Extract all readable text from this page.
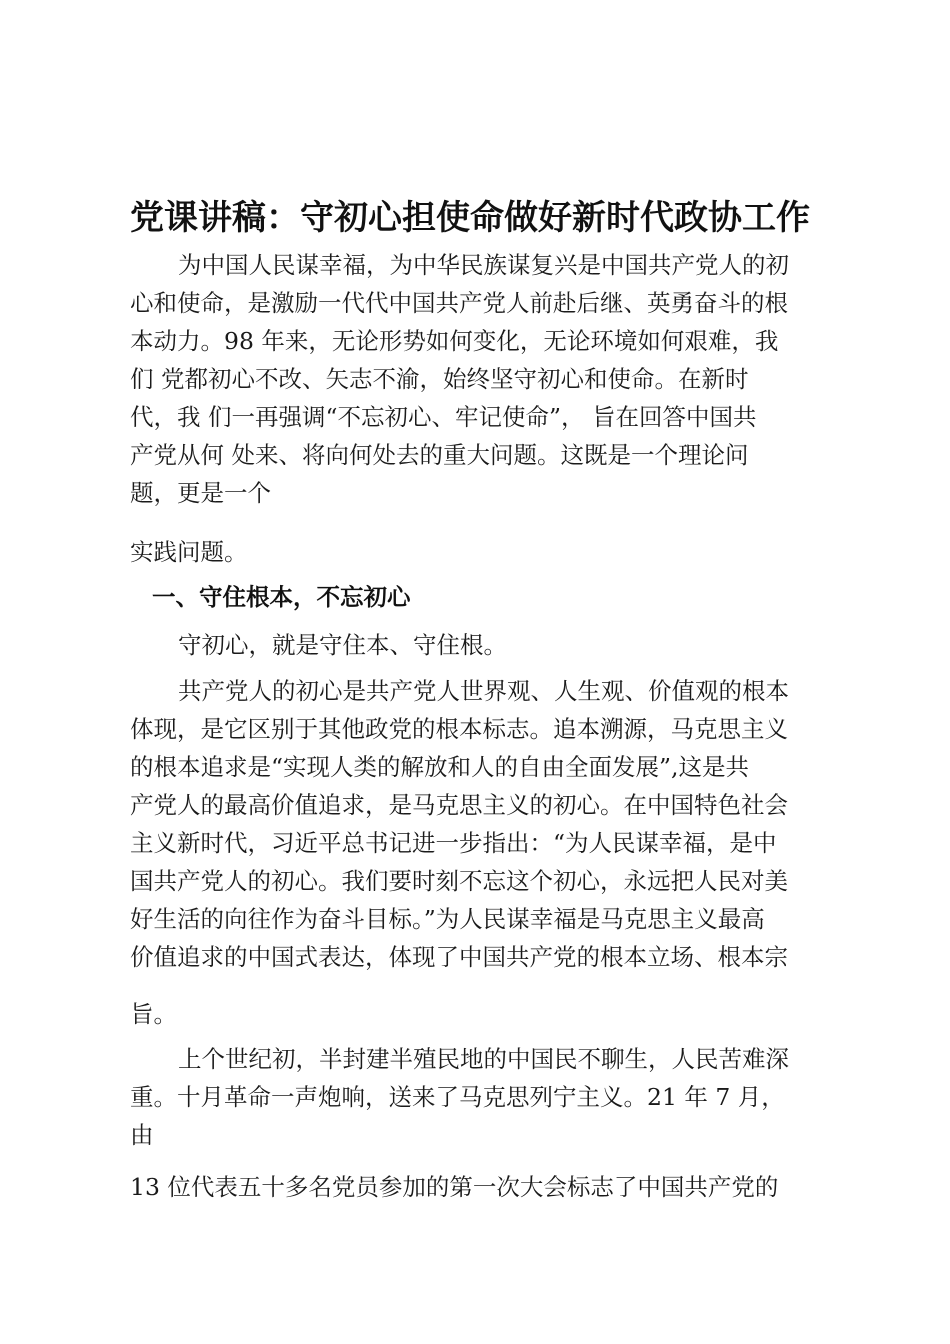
党课讲稿：守初心担使命做好新时代政协工作
为中国人民谋幸福，为中华民族谋复兴是中国共产党人的初
心和使命，是激励一代代中国共产党人前赴后继、英勇奋斗的根
本动力。98 年来，无论形势如何变化，无论环境如何艰难，我
们 党都初心不改、矢志不渝，始终坚守初心和使命。在新时
代，我 们一再强调“不忘初心、牢记使命”， 旨在回答中国共
产党从何 处来、将向何处去的重大问题。这既是一个理论问
题，更是一个
实践问题。
一、守住根本，不忘初心
守初心，就是守住本、守住根。
共产党人的初心是共产党人世界观、人生观、价值观的根本
体现，是它区别于其他政党的根本标志。追本溯源，马克思主义
的根本追求是“实现人类的解放和人的自由全面发展”,这是共
产党人的最高价值追求，是马克思主义的初心。在中国特色社会
主义新时代，习近平总书记进一步指出：“为人民谋幸福，是中
国共产党人的初心。我们要时刻不忘这个初心，永远把人民对美
好生活的向往作为奋斗目标。”为人民谋幸福是马克思主义最高
价值追求的中国式表达，体现了中国共产党的根本立场、根本宗
旨。
上个世纪初，半封建半殖民地的中国民不聊生，人民苦难深
重。十月革命一声炮响，送来了马克思列宁主义。21 年 7 月，
由
13 位代表五十多名党员参加的第一次大会标志了中国共产党的
